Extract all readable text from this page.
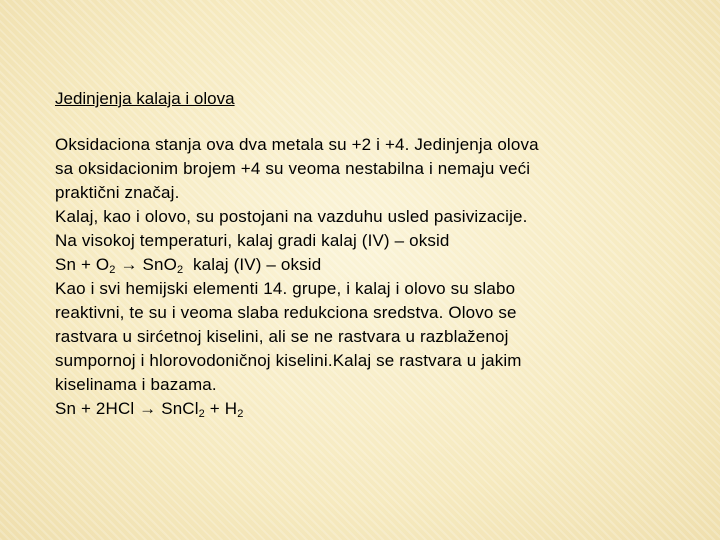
Jedinjenja kalaja i olova
Oksidaciona stanja ova dva metala su +2 i +4. Jedinjenja olova
sa oksidacionim brojem +4 su veoma nestabilna i nemaju veći
praktični značaj.
Kalaj, kao i olovo, su postojani na vazduhu usled pasivizacije.
Na visokoj temperaturi, kalaj gradi kalaj (IV) – oksid
$Sn + O_2 \to SnO_2$  kalaj (IV) – oksid
Kao i svi hemijski elementi 14. grupe, i kalaj i olovo su slabo
reaktivni, te su i veoma slaba redukciona sredstva. Olovo se
rastvara u sirćetnoj kiselini, ali se ne rastvara u razblaženoj
sumpornoj i hlorovodoničnoj kiselini.Kalaj se rastvara u jakim
kiselinama i bazama.
Sn + 2HCl → SnCl$_2$ + $H_2$
